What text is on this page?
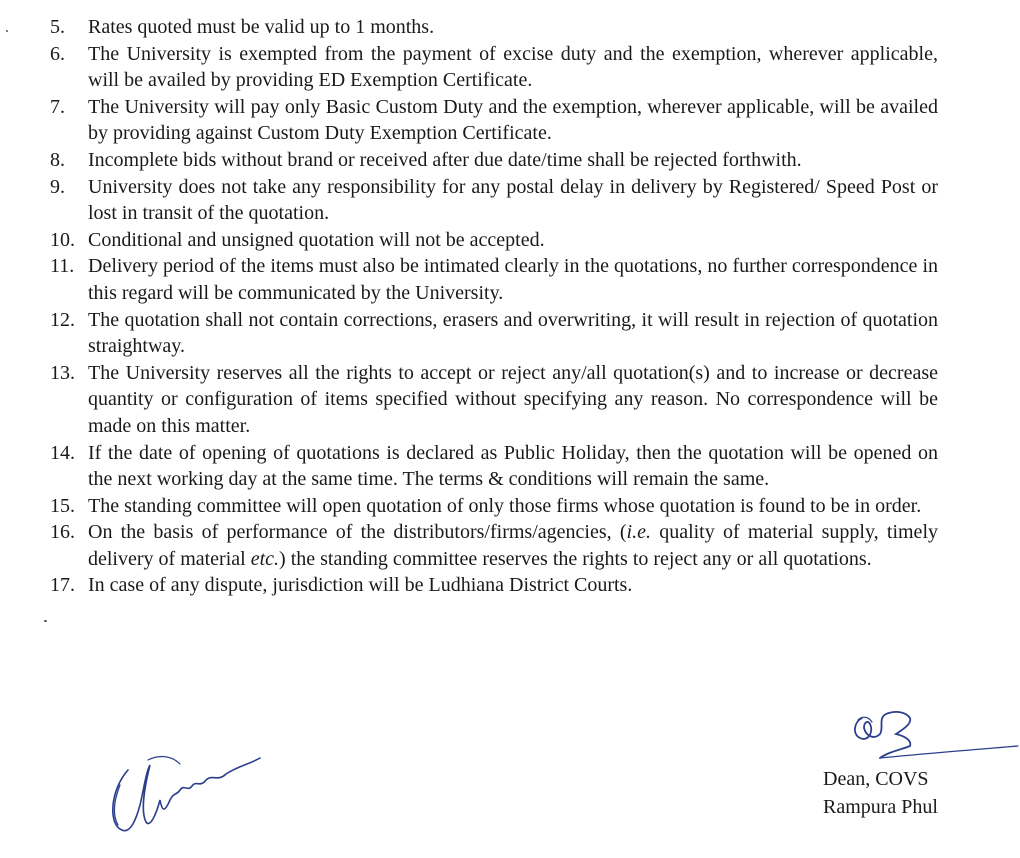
5.	Rates quoted must be valid up to 1 months.
6.	The University is exempted from the payment of excise duty and the exemption, wherever applicable, will be availed by providing ED Exemption Certificate.
7.	The University will pay only Basic Custom Duty and the exemption, wherever applicable, will be availed by providing against Custom Duty Exemption Certificate.
8.	Incomplete bids without brand or received after due date/time shall be rejected forthwith.
9.	University does not take any responsibility for any postal delay in delivery by Registered/ Speed Post or lost in transit of the quotation.
10. Conditional and unsigned quotation will not be accepted.
11. Delivery period of the items must also be intimated clearly in the quotations, no further correspondence in this regard will be communicated by the University.
12. The quotation shall not contain corrections, erasers and overwriting, it will result in rejection of quotation straightway.
13. The University reserves all the rights to accept or reject any/all quotation(s) and to increase or decrease quantity or configuration of items specified without specifying any reason. No correspondence will be made on this matter.
14. If the date of opening of quotations is declared as Public Holiday, then the quotation will be opened on the next working day at the same time. The terms & conditions will remain the same.
15. The standing committee will open quotation of only those firms whose quotation is found to be in order.
16. On the basis of performance of the distributors/firms/agencies, (i.e. quality of material supply, timely delivery of material etc.) the standing committee reserves the rights to reject any or all quotations.
17. In case of any dispute, jurisdiction will be Ludhiana District Courts.
Dean, COVS
Rampura Phul
